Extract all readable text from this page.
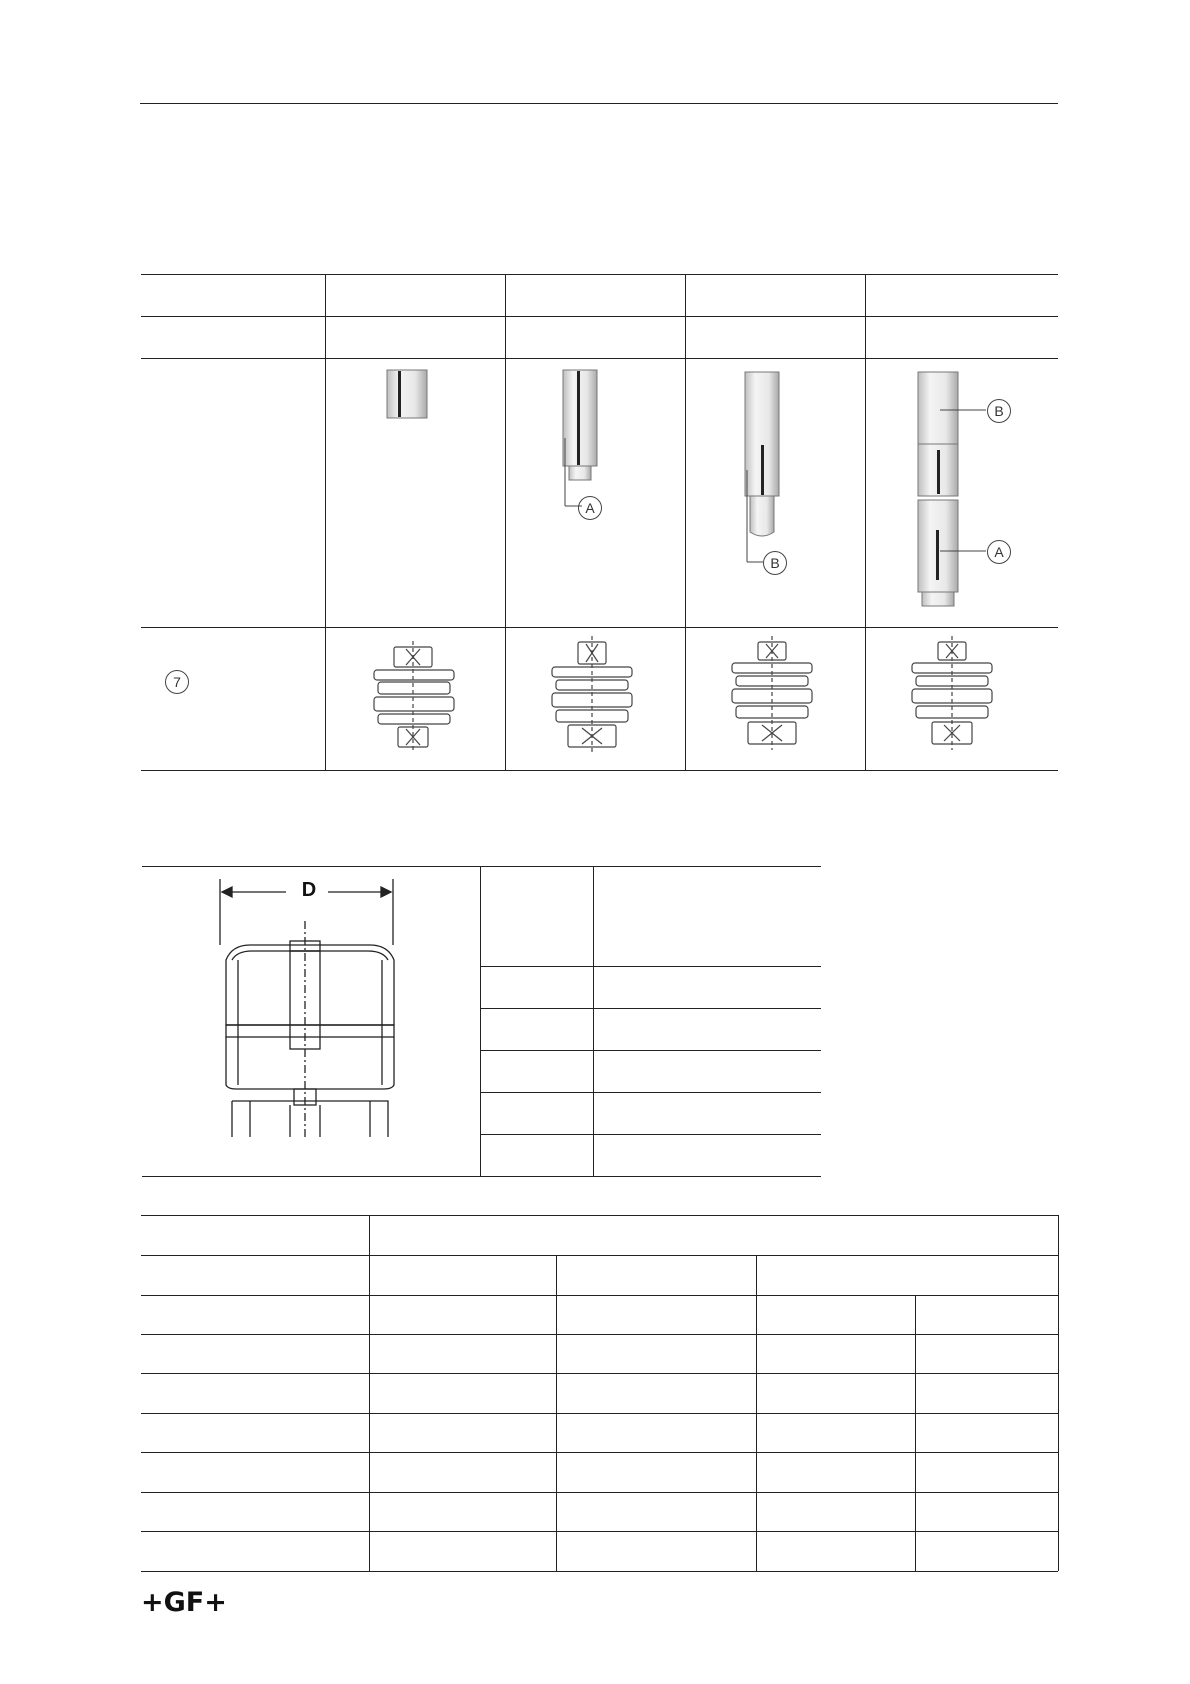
A
B
B
A
7
D
+GF+
